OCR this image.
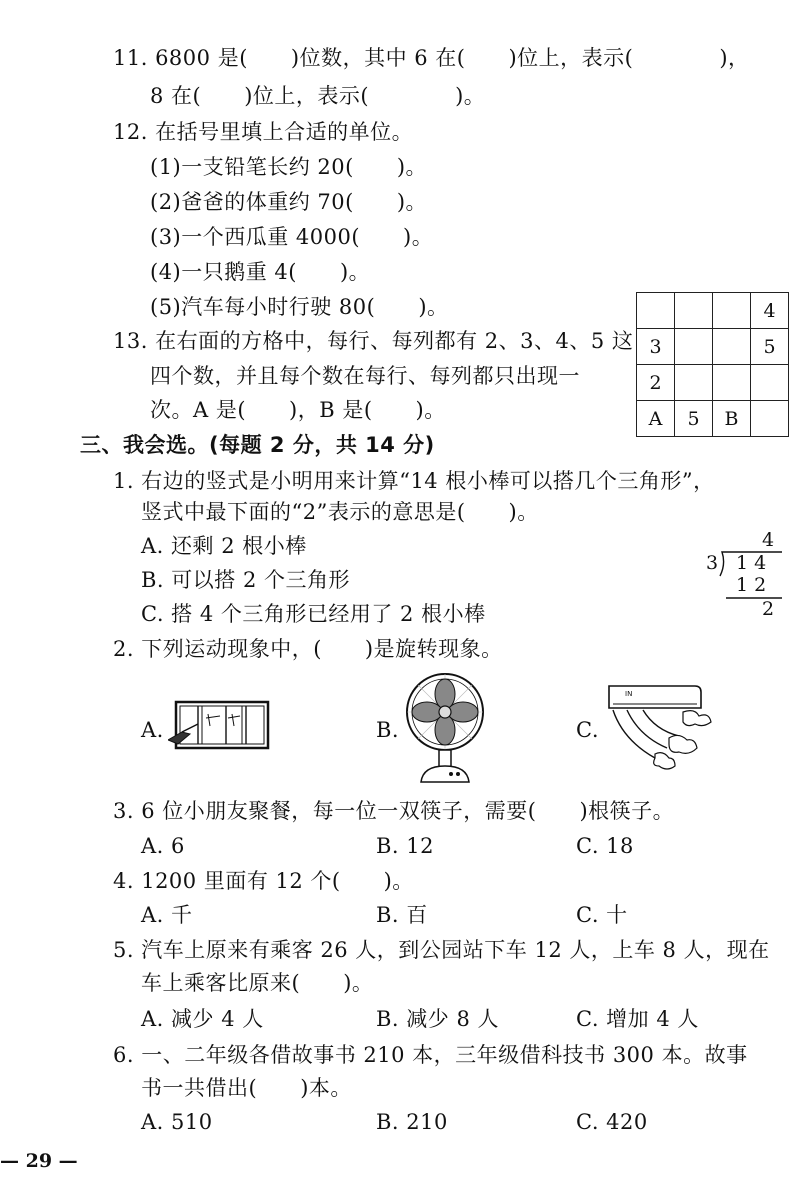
11. 6800 是(　　)位数，其中 6 在(　　)位上，表示(　　　　)，
8 在(　　)位上，表示(　　　　)。
12. 在括号里填上合适的单位。
(1)一支铅笔长约 20(　　)。
(2)爸爸的体重约 70(　　)。
(3)一个西瓜重 4000(　　)。
(4)一只鹅重 4(　　)。
(5)汽车每小时行驶 80(　　)。
13. 在右面的方格中，每行、每列都有 2、3、4、5 这
四个数，并且每个数在每行、每列都只出现一
次。A 是(　　)，B 是(　　)。
			4
3			5
2			
A	5	B	
三、我会选。(每题 2 分，共 14 分)
1. 右边的竖式是小明用来计算“14 根小棒可以搭几个三角形”，
竖式中最下面的“2”表示的意思是(　　)。
A. 还剩 2 根小棒
B. 可以搭 2 个三角形
C. 搭 4 个三角形已经用了 2 根小棒
4
3 1 4
1 2
2
2. 下列运动现象中，(　　)是旋转现象。
A.	B.	C.
IN
3. 6 位小朋友聚餐，每一位一双筷子，需要(　　)根筷子。
A. 6	B. 12	C. 18
4. 1200 里面有 12 个(　　)。
A. 千	B. 百	C. 十
5. 汽车上原来有乘客 26 人，到公园站下车 12 人，上车 8 人，现在
车上乘客比原来(　　)。
A. 减少 4 人	B. 减少 8 人	C. 增加 4 人
6. 一、二年级各借故事书 210 本，三年级借科技书 300 本。故事
书一共借出(　　)本。
A. 510	B. 210	C. 420
— 29 —
